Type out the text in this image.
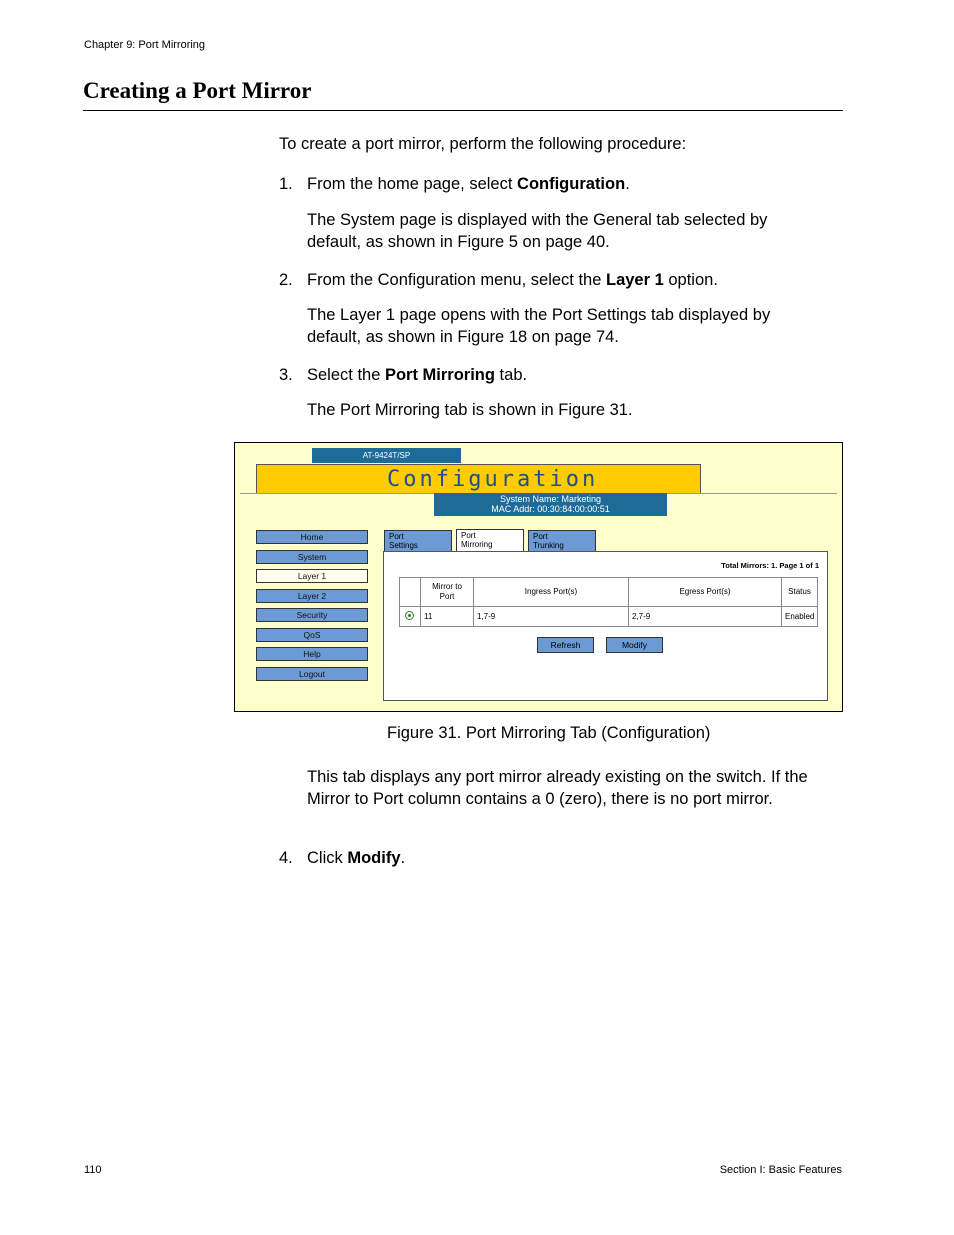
Chapter 9: Port Mirroring
Creating a Port Mirror
To create a port mirror, perform the following procedure:
1. From the home page, select Configuration.
The System page is displayed with the General tab selected by default, as shown in Figure 5 on page 40.
2. From the Configuration menu, select the Layer 1 option.
The Layer 1 page opens with the Port Settings tab displayed by default, as shown in Figure 18 on page 74.
3. Select the Port Mirroring tab.
The Port Mirroring tab is shown in Figure 31.
AT-9424T/SP
Configuration
System Name: Marketing
MAC Addr: 00:30:84:00:00:51
Home
System
Layer 1
Layer 2
Security
QoS
Help
Logout
Port
Settings
Port
Mirroring
Port
Trunking
Total Mirrors: 1. Page 1 of 1

	Mirror to
Port	Ingress Port(s)	Egress Port(s)	Status
	11	1,7-9	2,7-9	Enabled
Refresh	Modify
Figure 31. Port Mirroring Tab (Configuration)
This tab displays any port mirror already existing on the switch. If the Mirror to Port column contains a 0 (zero), there is no port mirror.
4. Click Modify.
110	Section I: Basic Features
